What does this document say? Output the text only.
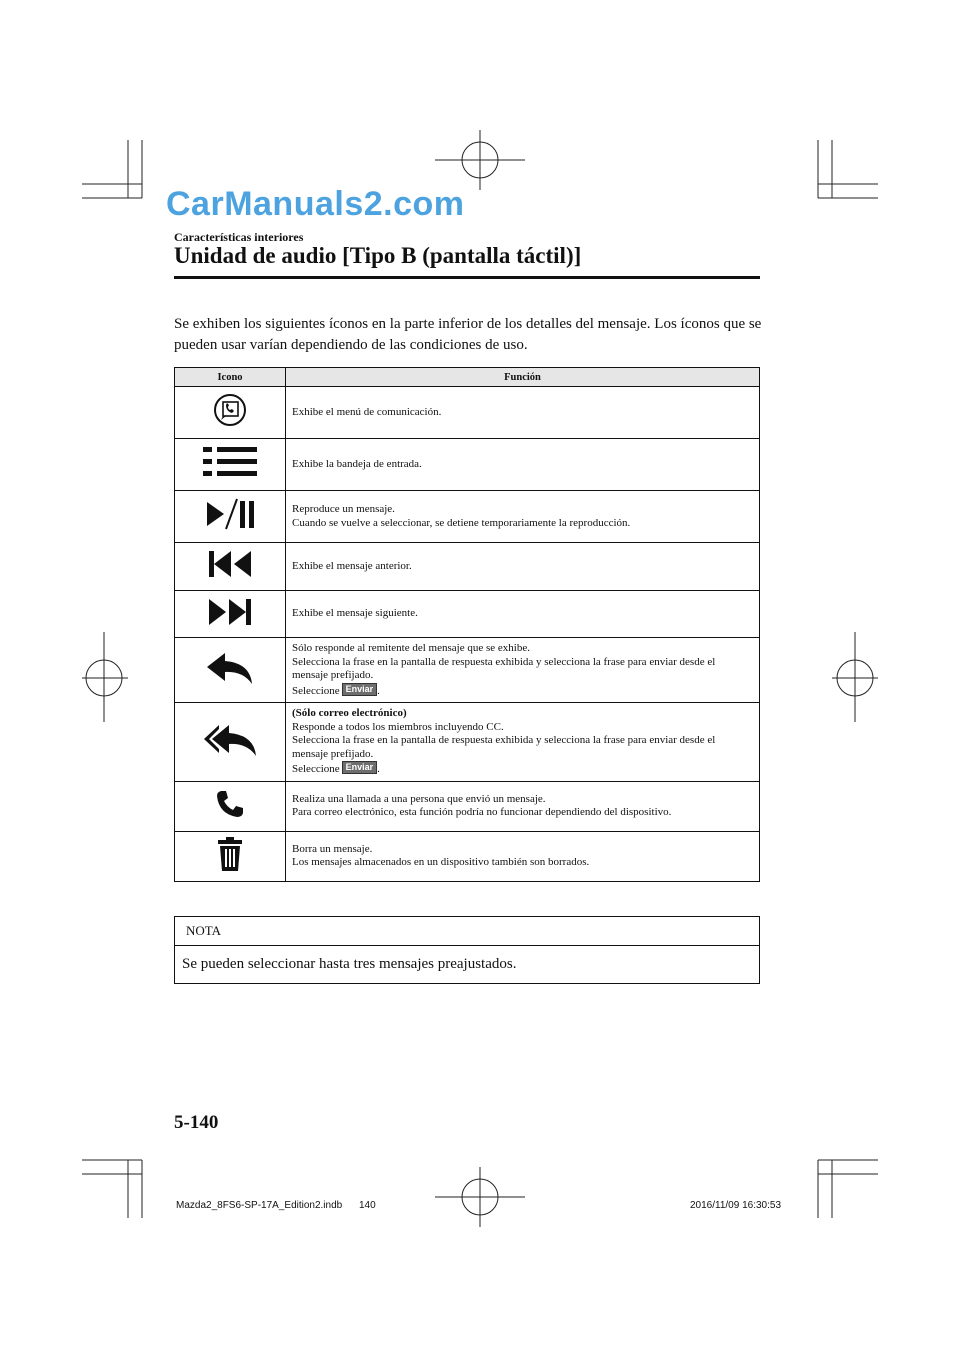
CarManuals2.com
Características interiores
Unidad de audio [Tipo B (pantalla táctil)]
Se exhiben los siguientes íconos en la parte inferior de los detalles del mensaje. Los íconos que se pueden usar varían dependiendo de las condiciones de uso.
Icono	Función
	Exhibe el menú de comunicación.
	Exhibe la bandeja de entrada.

Reproduce un mensaje.
Cuando se vuelve a seleccionar, se detiene temporariamente la reproducción.

	Exhibe el mensaje anterior.
	Exhibe el mensaje siguiente.

Sólo responde al remitente del mensaje que se exhibe.
Selecciona la frase en la pantalla de respuesta exhibida y selecciona la frase para enviar desde el mensaje prefijado.
Seleccione Enviar .

(Sólo correo electrónico)
Responde a todos los miembros incluyendo CC.
Selecciona la frase en la pantalla de respuesta exhibida y selecciona la frase para enviar desde el mensaje prefijado.
Seleccione Enviar .

Realiza una llamada a una persona que envió un mensaje.
Para correo electrónico, esta función podría no funcionar dependiendo del dispositivo.

Borra un mensaje.
Los mensajes almacenados en un dispositivo también son borrados.
NOTA
Se pueden seleccionar hasta tres mensajes preajustados.
5-140
Mazda2_8FS6-SP-17A_Edition2.indb 140	2016/11/09 16:30:53
